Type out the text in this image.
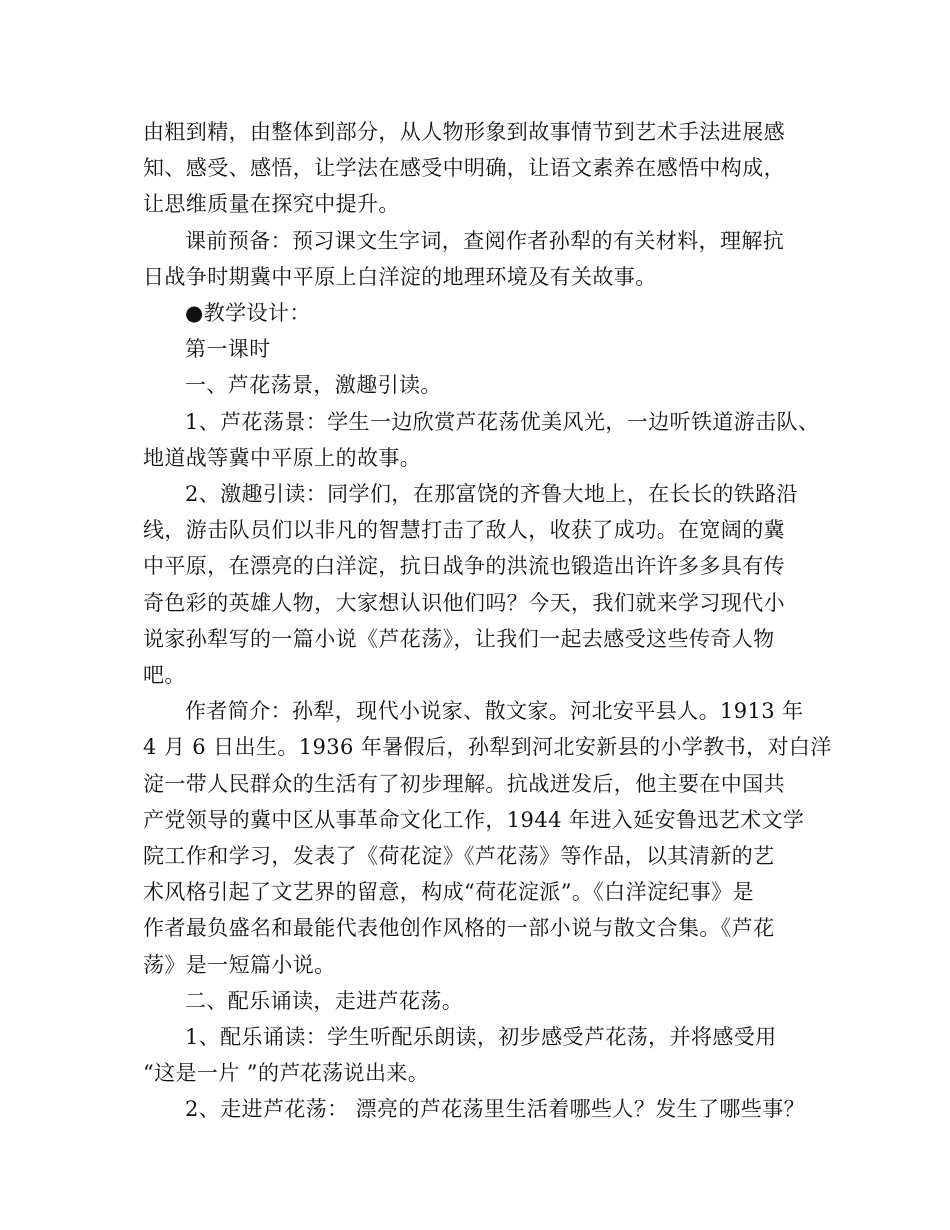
由粗到精，由整体到部分，从人物形象到故事情节到艺术手法进展感
知、感受、感悟，让学法在感受中明确，让语文素养在感悟中构成，
让思维质量在探究中提升。

课前预备：预习课文生字词，查阅作者孙犁的有关材料，理解抗
日战争时期冀中平原上白洋淀的地理环境及有关故事。

●教学设计：

第一课时

一、芦花荡景，激趣引读。

1、芦花荡景：学生一边欣赏芦花荡优美风光，一边听铁道游击队、
地道战等冀中平原上的故事。

2、激趣引读：同学们，在那富饶的齐鲁大地上，在长长的铁路沿
线，游击队员们以非凡的智慧打击了敌人，收获了成功。在宽阔的冀
中平原，在漂亮的白洋淀，抗日战争的洪流也锻造出许许多多具有传
奇色彩的英雄人物，大家想认识他们吗？今天，我们就来学习现代小
说家孙犁写的一篇小说《芦花荡》，让我们一起去感受这些传奇人物
吧。

作者简介：孙犁，现代小说家、散文家。河北安平县人。1913 年
4 月 6 日出生。1936 年暑假后，孙犁到河北安新县的小学教书，对白洋
淀一带人民群众的生活有了初步理解。抗战迸发后，他主要在中国共
产党领导的冀中区从事革命文化工作，1944 年进入延安鲁迅艺术文学
院工作和学习，发表了《荷花淀》《芦花荡》等作品，以其清新的艺
术风格引起了文艺界的留意，构成“荷花淀派”。《白洋淀纪事》是
作者最负盛名和最能代表他创作风格的一部小说与散文合集。《芦花
荡》是一短篇小说。

二、配乐诵读，走进芦花荡。

1、配乐诵读：学生听配乐朗读，初步感受芦花荡，并将感受用
“这是一片 ”的芦花荡说出来。

2、走进芦花荡： 漂亮的芦花荡里生活着哪些人？发生了哪些事？
